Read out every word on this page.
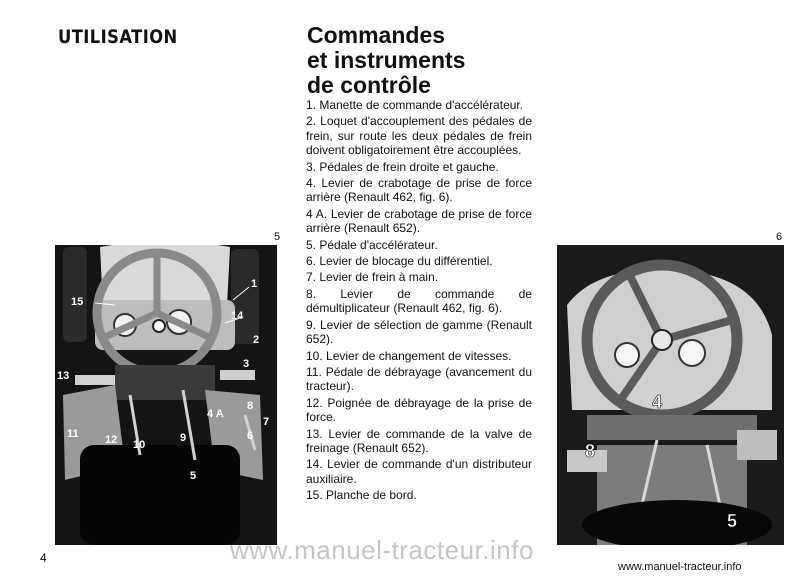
UTILISATION	Commandes
et instruments
de contrôle
1. Manette de commande d'accélérateur.
2. Loquet d'accouplement des pédales de frein, sur route les deux pédales de frein doivent obligatoirement être accouplées.
3. Pédales de frein droite et gauche.
4. Levier de crabotage de prise de force arrière (Renault 462, fig. 6).
4 A. Levier de crabotage de prise de force arrière (Renault 652).
5. Pédale d'accélérateur.
6. Levier de blocage du différentiel.
7. Levier de frein à main.
8. Levier de commande de démultiplicateur (Renault 462, fig. 6).
9. Levier de sélection de gamme (Renault 652).
10. Levier de changement de vitesses.
11. Pédale de débrayage (avancement du tracteur).
12. Poignée de débrayage de la prise de force.
13. Levier de commande de la valve de freinage (Renault 652).
14. Levier de commande d'un distributeur auxiliaire.
15. Planche de bord.
5
15
1
14
2
13
3
4 A
8
7
6
11 12 10
9
5
6
4
8
5
4	www.manuel-tracteur.info
www.manuel-tracteur.info
